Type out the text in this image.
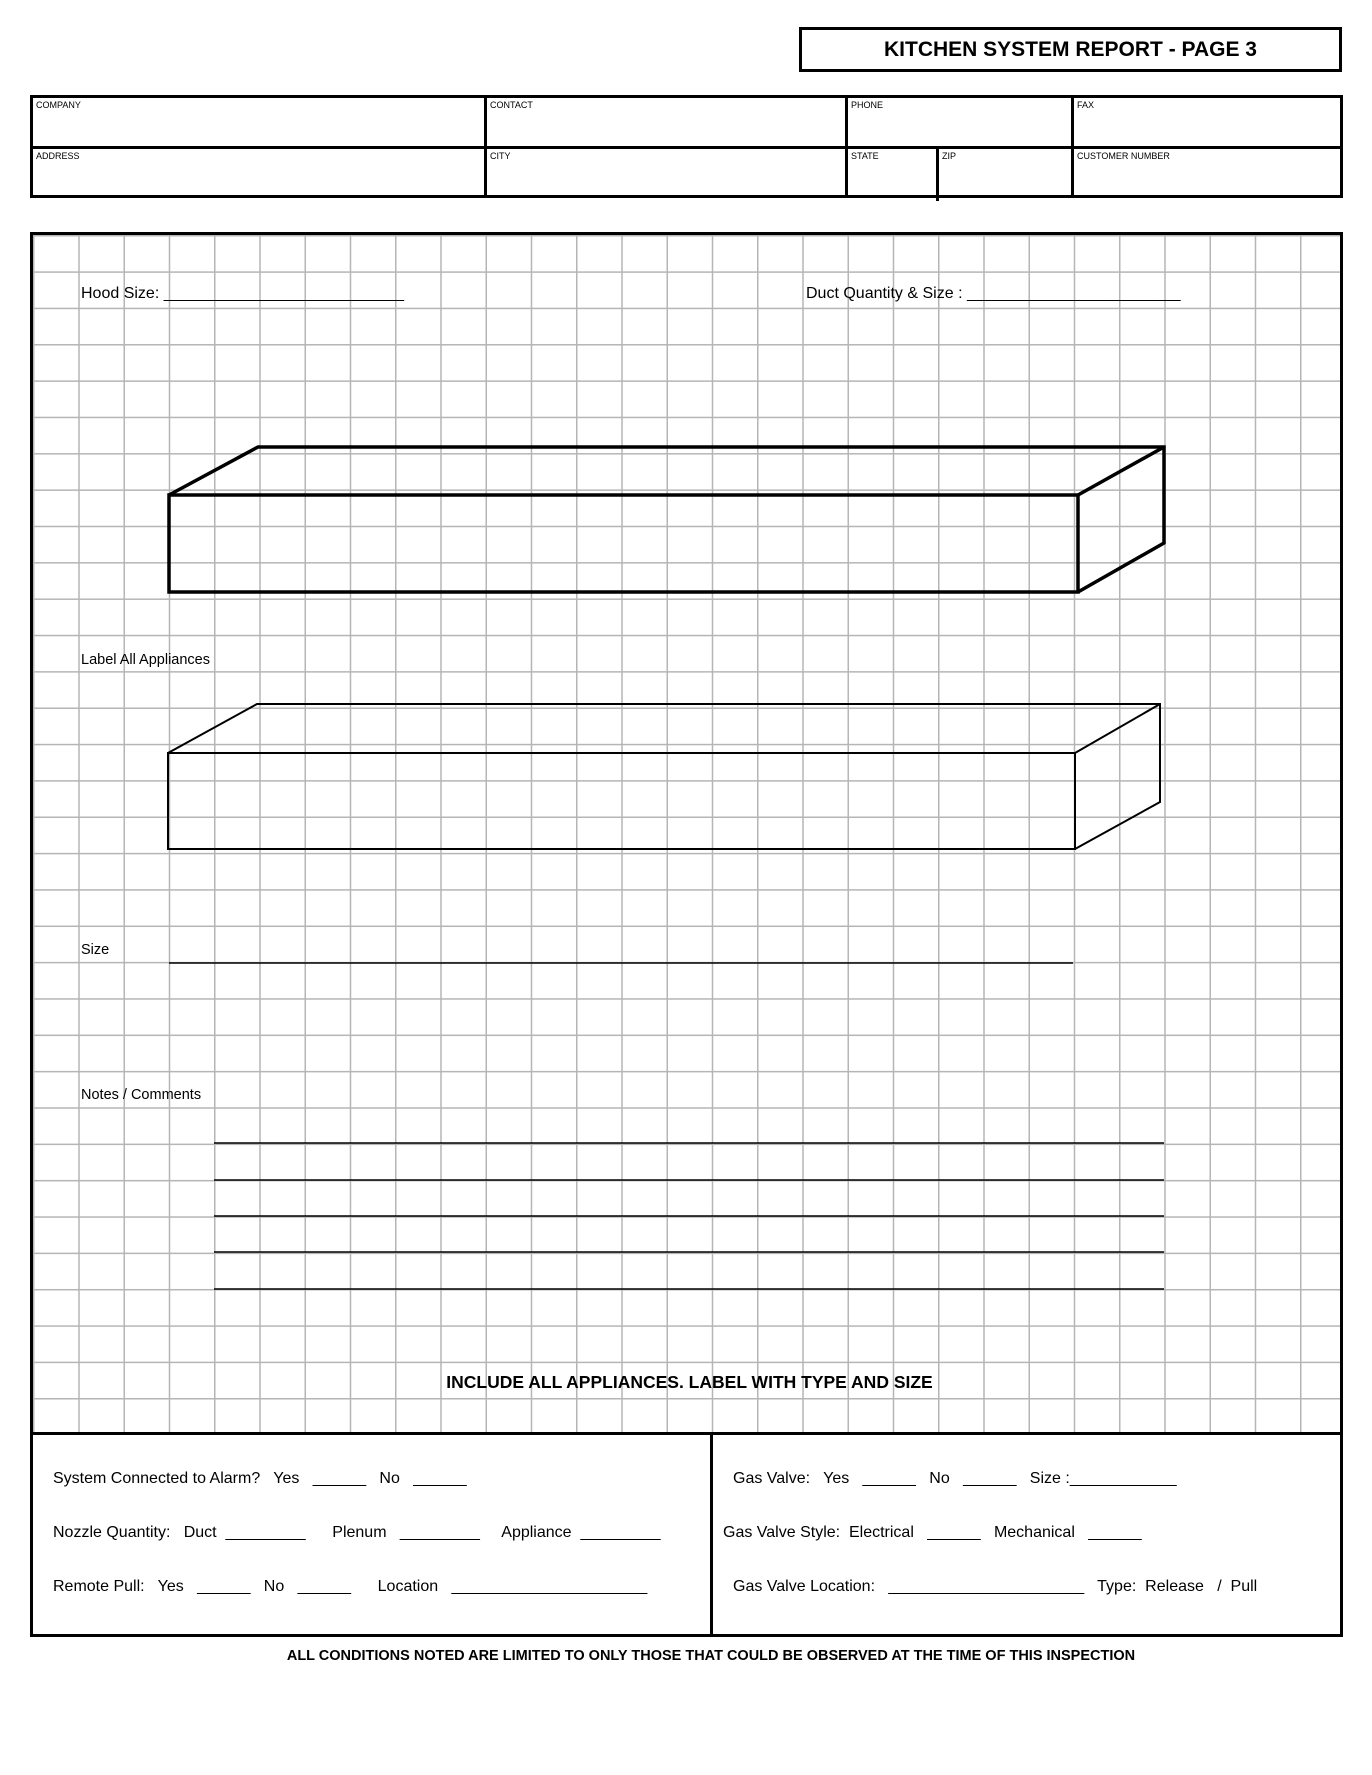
KITCHEN SYSTEM REPORT - PAGE 3
COMPANY	CONTACT	PHONE	FAX
ADDRESS	CITY	STATE	ZIP	CUSTOMER NUMBER
Hood Size: ___________________________	Duct Quantity & Size : ________________________
Label All Appliances
Size
Notes / Comments
INCLUDE ALL APPLIANCES. LABEL WITH TYPE AND SIZE
System Connected to Alarm?   Yes   ______   No   ______
Nozzle Quantity:   Duct  _________      Plenum   _________     Appliance  _________
Remote Pull:   Yes   ______   No   ______      Location   ______________________
Gas Valve:   Yes   ______   No   ______   Size :____________
Gas Valve Style:  Electrical   ______   Mechanical   ______
Gas Valve Location:   ______________________   Type:  Release   /  Pull
ALL CONDITIONS NOTED ARE LIMITED TO ONLY THOSE THAT COULD BE OBSERVED AT THE TIME OF THIS INSPECTION
